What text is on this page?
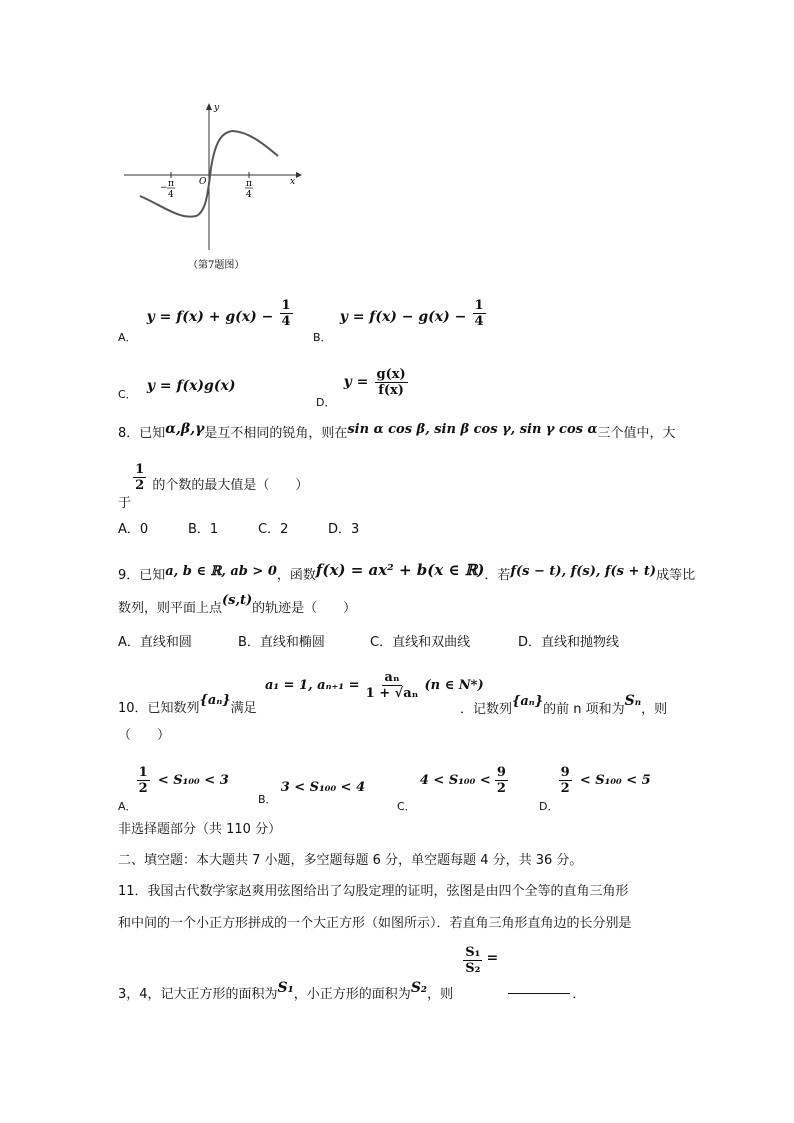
x
y
O
− π
4
π
4
（第7题图）
$_{A.}$ $y = f(x) + g(x) - \frac{1}{4}$
$_{B.}$ $y = f(x) - g(x) - \frac{1}{4}$
$_{C.}$ y = f(x)g(x)
$_{D.}$ $y = \frac{g(x)}{f(x)}$
8．已知α,β,γ是互不相同的锐角，则在sin α cos β, sin β cos γ, sin γ cos α三个值中，大
于
$\frac{1}{2}$ 的个数的最大值是（　　）
A．0	B．1	C．2	D．3
9．已知a, b ∈ ℝ, ab > 0，函数f(x) = ax² + b(x ∈ ℝ)．若f(s − t), f(s), f(s + t)成等比
数列，则平面上点(s,t)的轨迹是（　　）
A．直线和圆	B．直线和椭圆	C．直线和双曲线	D．直线和抛物线
10．已知数列{aₙ}满足
a₁ = 1, $a_{n+1} = \frac{\text{aₙ}}{\text{1 + √aₙ}} (n$ ∈ N*)
．记数列{aₙ}的前 n 项和为Sₙ，则
（　　）
$_{A.}$
$\frac{1}{2} < S_{100} < 3$
$_{B.}$ 3 < S₁₀₀ < 4
$_{C.}$ $4 < S_{100} < \frac{9}{2}$
$_{D.}$
$\frac{9}{2} < S_{100} < 5$
非选择题部分（共 110 分）
二、填空题：本大题共 7 小题，多空题每题 6 分，单空题每题 4 分，共 36 分。
11．我国古代数学家赵爽用弦图给出了勾股定理的证明，弦图是由四个全等的直角三角形
和中间的一个小正方形拼成的一个大正方形（如图所示）．若直角三角形直角边的长分别是
3，4，记大正方形的面积为S₁，小正方形的面积为S₂，则
$\frac{\text{S₁}}{\text{S₂}}$ = ．
